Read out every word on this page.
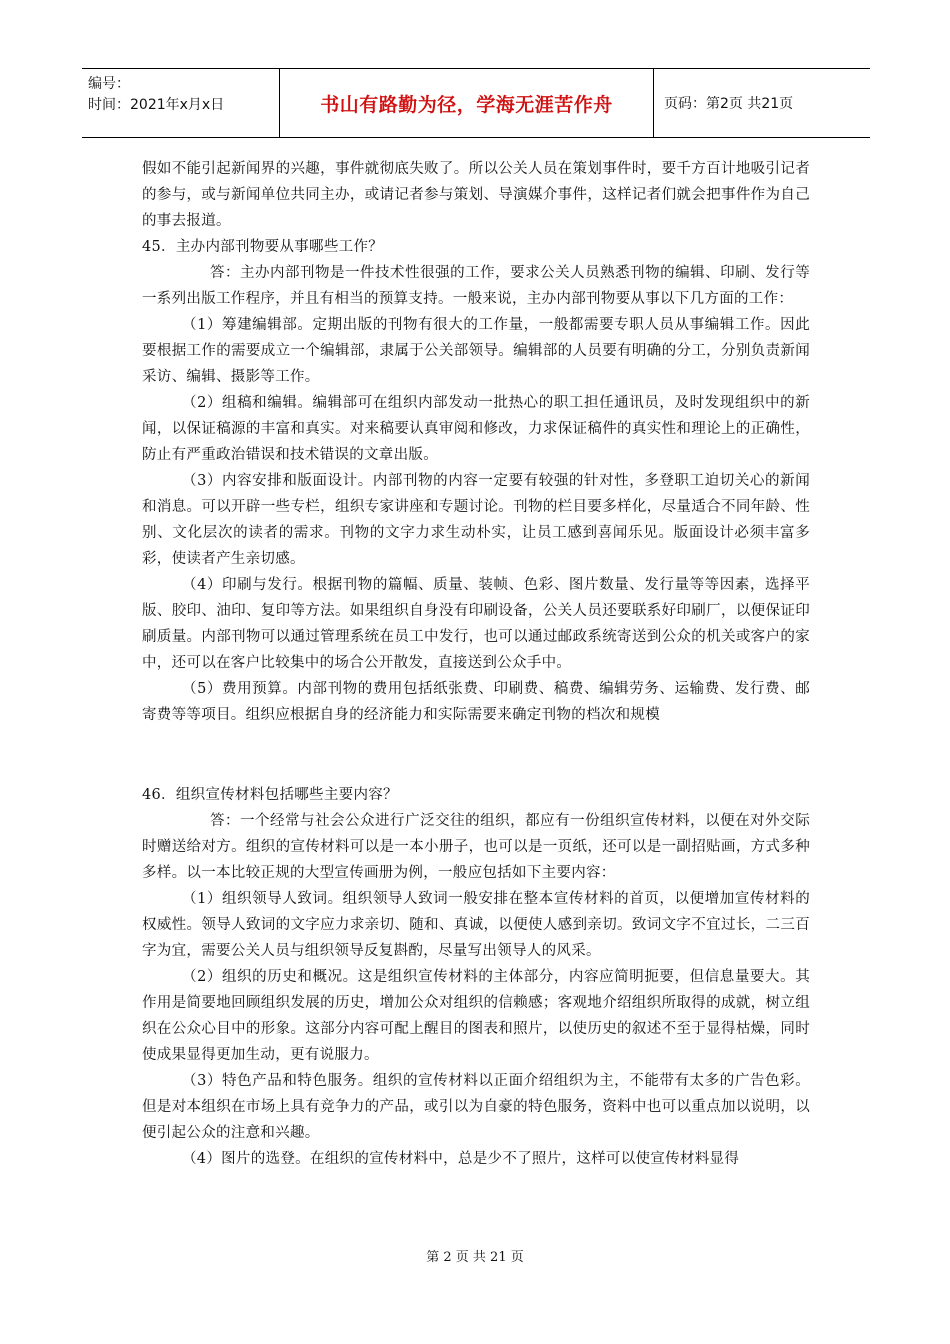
编号：
时间：2021年x月x日	书山有路勤为径，学海无涯苦作舟	页码：第2页 共21页

假如不能引起新闻界的兴趣，事件就彻底失败了。所以公关人员在策划事件时，要千方百计地吸引记者的参与，或与新闻单位共同主办，或请记者参与策划、导演媒介事件，这样记者们就会把事件作为自己的事去报道。

45．主办内部刊物要从事哪些工作？

答：主办内部刊物是一件技术性很强的工作，要求公关人员熟悉刊物的编辑、印刷、发行等一系列出版工作程序，并且有相当的预算支持。一般来说，主办内部刊物要从事以下几方面的工作：

（1）筹建编辑部。定期出版的刊物有很大的工作量，一般都需要专职人员从事编辑工作。因此要根据工作的需要成立一个编辑部，隶属于公关部领导。编辑部的人员要有明确的分工，分别负责新闻采访、编辑、摄影等工作。

（2）组稿和编辑。编辑部可在组织内部发动一批热心的职工担任通讯员，及时发现组织中的新闻，以保证稿源的丰富和真实。对来稿要认真审阅和修改，力求保证稿件的真实性和理论上的正确性，防止有严重政治错误和技术错误的文章出版。

（3）内容安排和版面设计。内部刊物的内容一定要有较强的针对性，多登职工迫切关心的新闻和消息。可以开辟一些专栏，组织专家讲座和专题讨论。刊物的栏目要多样化，尽量适合不同年龄、性别、文化层次的读者的需求。刊物的文字力求生动朴实，让员工感到喜闻乐见。版面设计必须丰富多彩，使读者产生亲切感。

（4）印刷与发行。根据刊物的篇幅、质量、装帧、色彩、图片数量、发行量等等因素，选择平版、胶印、油印、复印等方法。如果组织自身没有印刷设备，公关人员还要联系好印刷厂，以便保证印刷质量。内部刊物可以通过管理系统在员工中发行，也可以通过邮政系统寄送到公众的机关或客户的家中，还可以在客户比较集中的场合公开散发，直接送到公众手中。

（5）费用预算。内部刊物的费用包括纸张费、印刷费、稿费、编辑劳务、运输费、发行费、邮寄费等等项目。组织应根据自身的经济能力和实际需要来确定刊物的档次和规模

46．组织宣传材料包括哪些主要内容？

答：一个经常与社会公众进行广泛交往的组织，都应有一份组织宣传材料，以便在对外交际时赠送给对方。组织的宣传材料可以是一本小册子，也可以是一页纸，还可以是一副招贴画，方式多种多样。以一本比较正规的大型宣传画册为例，一般应包括如下主要内容：

（1）组织领导人致词。组织领导人致词一般安排在整本宣传材料的首页，以便增加宣传材料的权威性。领导人致词的文字应力求亲切、随和、真诚，以便使人感到亲切。致词文字不宜过长，二三百字为宜，需要公关人员与组织领导反复斟酌，尽量写出领导人的风采。

（2）组织的历史和概况。这是组织宣传材料的主体部分，内容应简明扼要，但信息量要大。其作用是简要地回顾组织发展的历史，增加公众对组织的信赖感；客观地介绍组织所取得的成就，树立组织在公众心目中的形象。这部分内容可配上醒目的图表和照片，以使历史的叙述不至于显得枯燥，同时使成果显得更加生动，更有说服力。

（3）特色产品和特色服务。组织的宣传材料以正面介绍组织为主，不能带有太多的广告色彩。但是对本组织在市场上具有竞争力的产品，或引以为自豪的特色服务，资料中也可以重点加以说明，以便引起公众的注意和兴趣。

（4）图片的选登。在组织的宣传材料中，总是少不了照片，这样可以使宣传材料显得

第 2 页 共 21 页
